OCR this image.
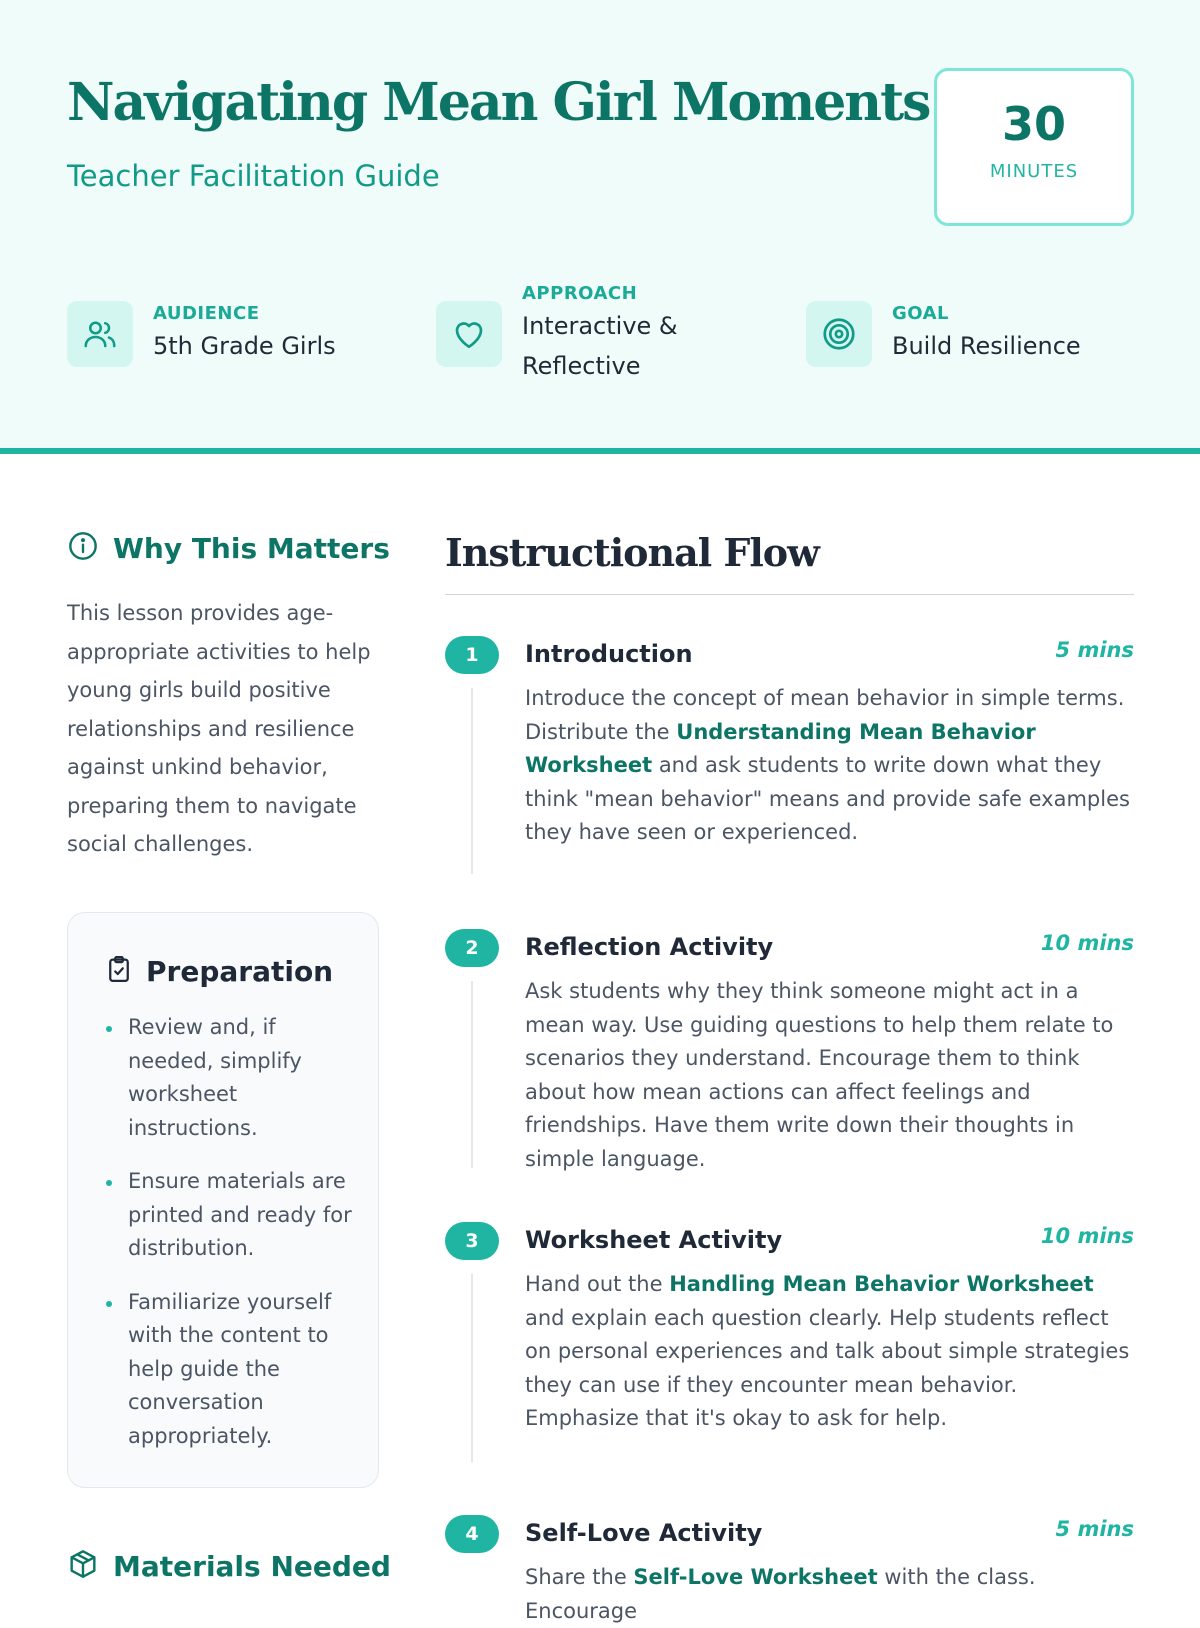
Navigating Mean Girl Moments
Teacher Facilitation Guide
30
MINUTES
AUDIENCE
5th Grade Girls
APPROACH
Interactive &
Reflective
GOAL
Build Resilience
Why This Matters

This lesson provides age-appropriate activities to help young girls build positive relationships and resilience against unkind behavior, preparing them to navigate social challenges.

Preparation
Review and, if needed, simplify worksheet instructions.
Ensure materials are printed and ready for distribution.
Familiarize yourself with the content to help guide the conversation appropriately.
Materials Needed
Instructional Flow
1	Introduction	5 mins

Introduce the concept of mean behavior in simple terms. Distribute the Understanding Mean Behavior Worksheet and ask students to write down what they think "mean behavior" means and provide safe examples they have seen or experienced.

2	Reflection Activity	10 mins

Ask students why they think someone might act in a mean way. Use guiding questions to help them relate to scenarios they understand. Encourage them to think about how mean actions can affect feelings and friendships. Have them write down their thoughts in simple language.

3	Worksheet Activity	10 mins

Hand out the Handling Mean Behavior Worksheet and explain each question clearly. Help students reflect on personal experiences and talk about simple strategies they can use if they encounter mean behavior. Emphasize that it's okay to ask for help.

4	Self-Love Activity	5 mins

Share the Self-Love Worksheet with the class. Encourage
